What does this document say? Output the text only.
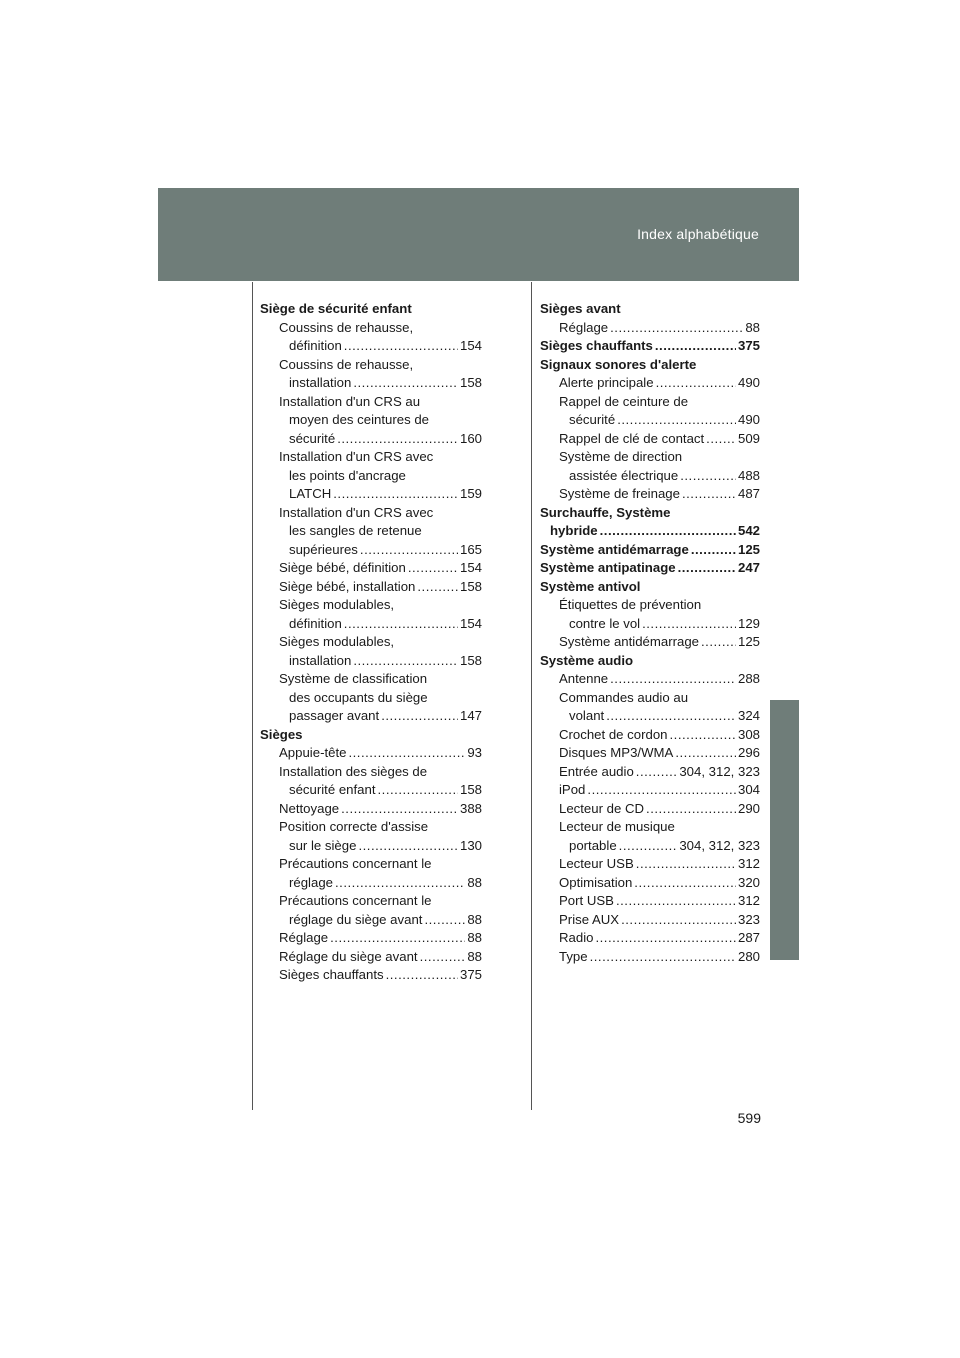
Index alphabétique
Siège de sécurité enfant
Coussins de rehausse,
définition .....	154
Coussins de rehausse,
installation .....	158
Installation d'un CRS au
moyen des ceintures de
sécurité .....	160
Installation d'un CRS avec
les points d'ancrage
LATCH .....	159
Installation d'un CRS avec
les sangles de retenue
supérieures .....	165
Siège bébé, définition .....	154
Siège bébé, installation .....	158
Sièges modulables,
définition .....	154
Sièges modulables,
installation .....	158
Système de classification
des occupants du siège
passager avant .....	147
Sièges
Appuie-tête .....	93
Installation des sièges de
sécurité enfant .....	158
Nettoyage .....	388
Position correcte d'assise
sur le siège .....	130
Précautions concernant le
réglage .....	88
Précautions concernant le
réglage du siège avant .....	88
Réglage .....	88
Réglage du siège avant .....	88
Sièges chauffants .....	375
Sièges avant
Réglage .....	88
Sièges chauffants .....	375
Signaux sonores d'alerte
Alerte principale .....	490
Rappel de ceinture de
sécurité .....	490
Rappel de clé de contact .....	509
Système de direction
assistée électrique .....	488
Système de freinage .....	487
Surchauffe, Système
hybride .....	542
Système antidémarrage .....	125
Système antipatinage .....	247
Système antivol
Étiquettes de prévention
contre le vol .....	129
Système antidémarrage .....	125
Système audio
Antenne .....	288
Commandes audio au
volant .....	324
Crochet de cordon .....	308
Disques MP3/WMA .....	296
Entrée audio .....	304, 312, 323
iPod .....	304
Lecteur de CD .....	290
Lecteur de musique
portable .....	304, 312, 323
Lecteur USB .....	312
Optimisation .....	320
Port USB .....	312
Prise AUX .....	323
Radio .....	287
Type .....	280
599
